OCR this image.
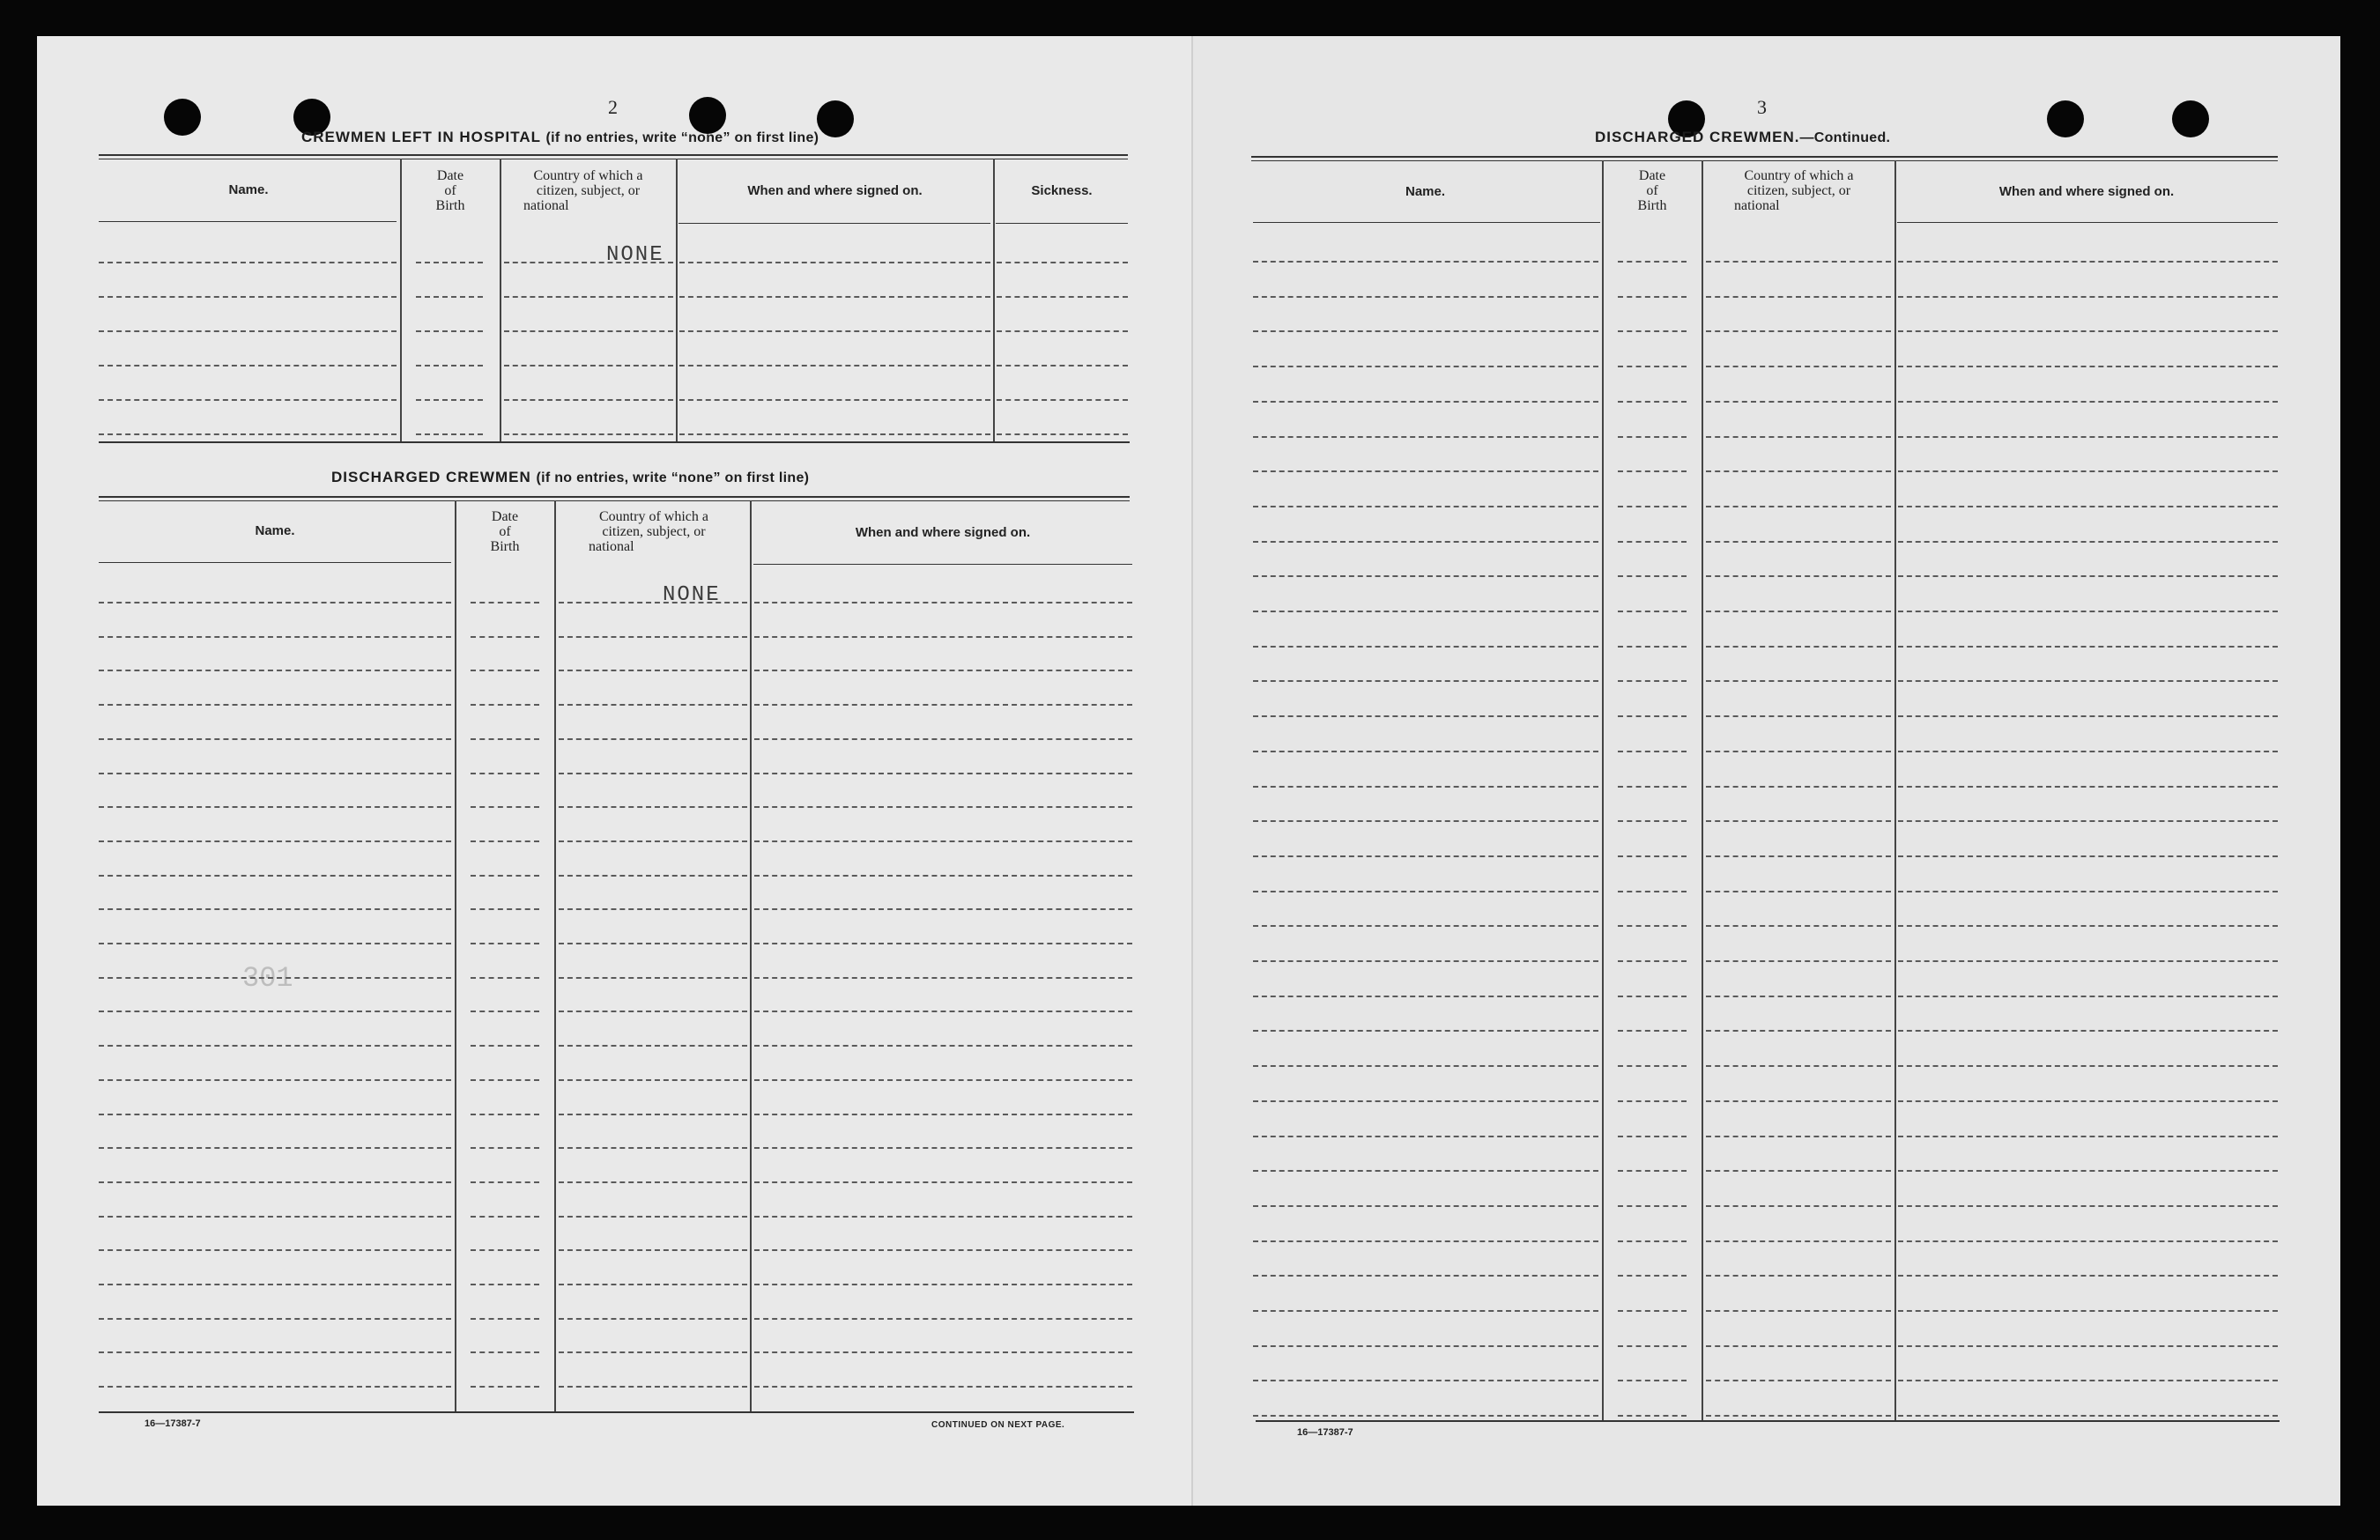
2
CREWMEN LEFT IN HOSPITAL (if no entries, write “none” on first line)
Name.
Date
of
Birth
Country of which a
citizen, subject, or
national
When and where signed on.	Sickness.
NONE
DISCHARGED CREWMEN (if no entries, write “none” on first line)
Name.
Date
of
Birth
Country of which a
citizen, subject, or
national
When and where signed on.
NONE
301
16—17387-7	CONTINUED ON NEXT PAGE.
3
DISCHARGED CREWMEN.—Continued.
Name.
Date
of
Birth
Country of which a
citizen, subject, or
national
When and where signed on.
16—17387-7
